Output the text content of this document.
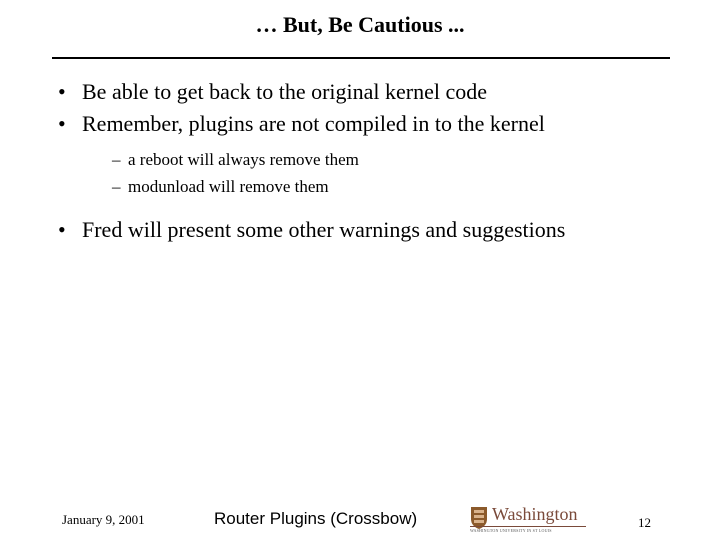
… But, Be Cautious ...
• Be able to get back to the original kernel code
• Remember, plugins are not compiled in to the kernel
– a reboot will always remove them
– modunload will remove them
• Fred will present some other warnings and suggestions
January 9, 2001	Router Plugins (Crossbow)	Washington
WASHINGTON UNIVERSITY IN ST LOUIS
12
